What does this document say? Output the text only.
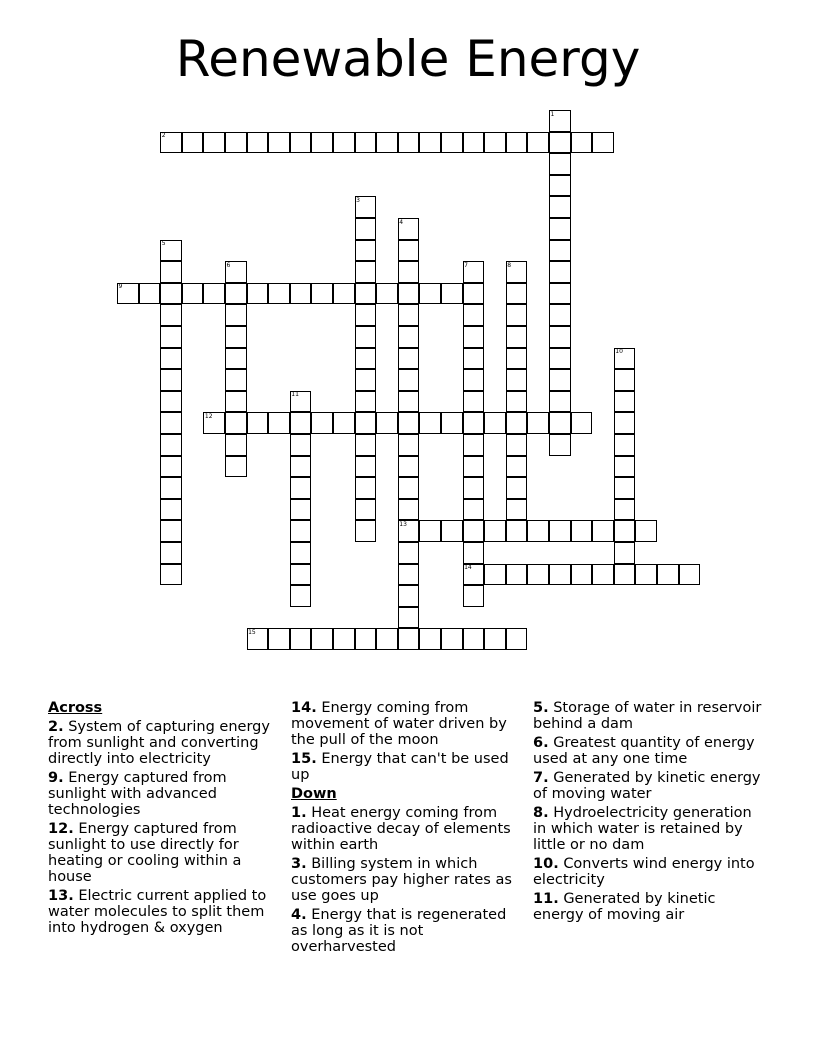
Renewable Energy
2
9
12
13
14
15
1
3
4
5
6	7	8
10
11
Across
2. System of capturing energy from sunlight and converting directly into electricity
9. Energy captured from sunlight with advanced technologies
12. Energy captured from sunlight to use directly for heating or cooling within a house
13. Electric current applied to water molecules to split them into hydrogen & oxygen
14. Energy coming from movement of water driven by the pull of the moon
15. Energy that can't be used up
Down
1. Heat energy coming from radioactive decay of elements within earth
3. Billing system in which customers pay higher rates as use goes up
4. Energy that is regenerated as long as it is not overharvested
5. Storage of water in reservoir behind a dam
6. Greatest quantity of energy used at any one time
7. Generated by kinetic energy of moving water
8. Hydroelectricity generation in which water is retained by little or no dam
10. Converts wind energy into electricity
11. Generated by kinetic energy of moving air
